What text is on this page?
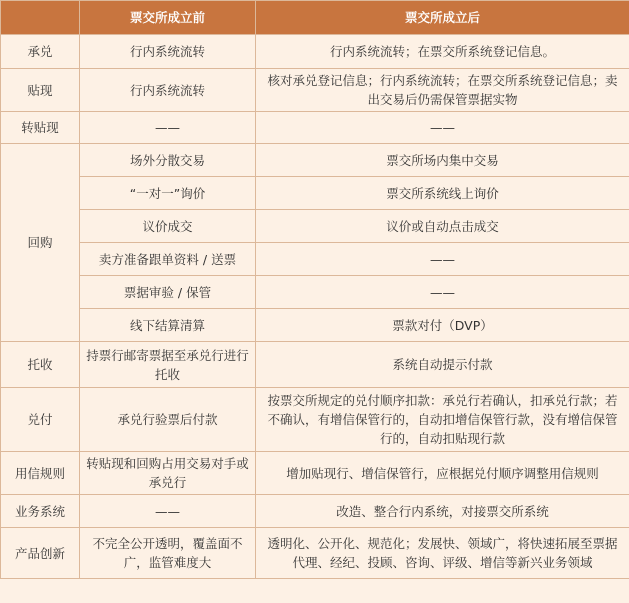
	票交所成立前	票交所成立后
承兑	行内系统流转	行内系统流转；在票交所系统登记信息。
贴现	行内系统流转	核对承兑登记信息；行内系统流转；在票交所系统登记信息；卖出交易后仍需保管票据实物
转贴现	——	——
回购	场外分散交易	票交所场内集中交易
	“一对一”询价	票交所系统线上询价
	议价成交	议价或自动点击成交
	卖方准备跟单资料 / 送票	——
	票据审验 / 保管	——
	线下结算清算	票款对付（DVP）
托收	持票行邮寄票据至承兑行进行托收	系统自动提示付款
兑付	承兑行验票后付款	按票交所规定的兑付顺序扣款：承兑行若确认，扣承兑行款；若不确认，有增信保管行的，自动扣增信保管行款，没有增信保管行的，自动扣贴现行款
用信规则	转贴现和回购占用交易对手或承兑行	增加贴现行、增信保管行，应根据兑付顺序调整用信规则
业务系统	——	改造、整合行内系统，对接票交所系统
产品创新	不完全公开透明，覆盖面不广，监管难度大	透明化、公开化、规范化；发展快、领域广，将快速拓展至票据代理、经纪、投顾、咨询、评级、增信等新兴业务领域
